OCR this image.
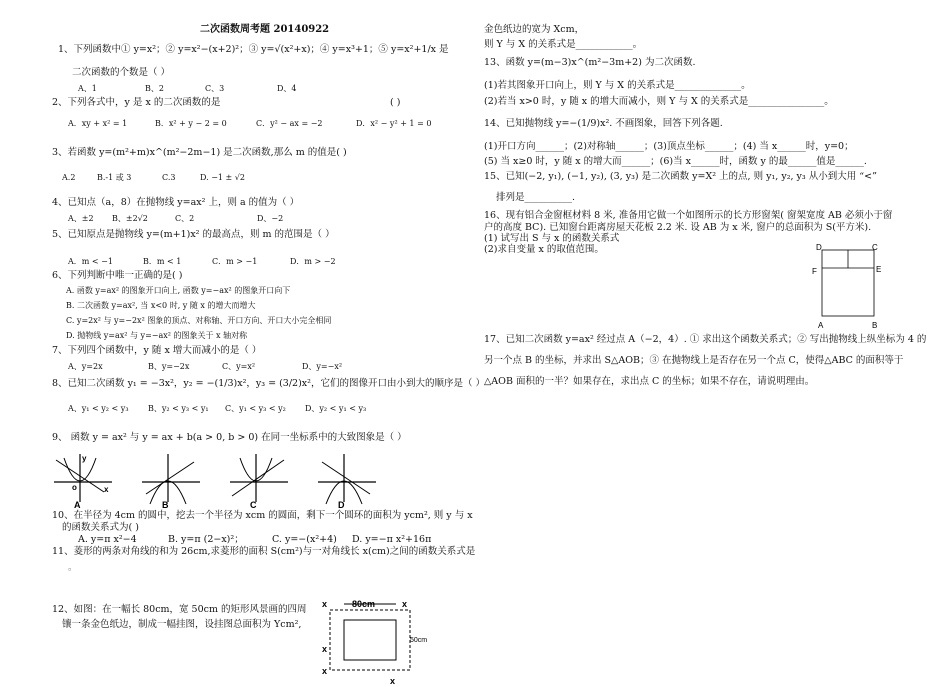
二次函数周考题 20140922
1、下列函数中① y=x²；② y=x²−(x+2)²；③ y=√(x²+x)；④ y=x³+1；⑤ y=x²+1/x 是
二次函数的个数是（ ）
A、1	B、2	C、3	D、4
2、下列各式中，y 是 x 的二次函数的是	( )
A．xy + x² = 1	B．x² + y − 2 = 0	C．y² − ax = −2	D．x² − y² + 1 = 0
3、若函数 y=(m²+m)x^(m²−2m−1) 是二次函数,那么 m 的值是( )
A.2	B.-1 或 3	C.3	D. −1 ± √2
4、已知点（a，8）在抛物线 y=ax² 上，则 a 的值为（ ）
A、±2 B、±2√2	C、2	D、−2
5、已知原点是抛物线 y=(m+1)x² 的最高点，则 m 的范围是（ ）
A．m < −1	B．m < 1	C．m > −1	D．m > −2
6、下列判断中唯一正确的是( )
A. 函数 y=ax² 的图象开口向上, 函数 y=−ax² 的图象开口向下
B. 二次函数 y=ax², 当 x<0 时, y 随 x 的增大而增大
C. y=2x² 与 y=−2x² 图象的顶点、对称轴、开口方向、开口大小完全相同
D. 抛物线 y=ax² 与 y=−ax² 的图象关于 x 轴对称
7、下列四个函数中，y 随 x 增大而减小的是（ ）
A、y=2x	B、y=−2x	C、y=x²	D、y=−x²
8、已知二次函数 y₁ = −3x²，y₂ = −(1/3)x²，y₃ = (3/2)x²，它们的图像开口由小到大的顺序是（ ）
A、y₁ < y₂ < y₃ B、y₂ < y₃ < y₁ C、y₁ < y₃ < y₂ D、y₂ < y₁ < y₃
9、 函数 y = ax² 与 y = ax + b(a > 0, b > 0) 在同一坐标系中的大致图象是（ ）
o	x
y
A	B	C	D
10、在半径为 4cm 的圆中，挖去一个半径为 xcm 的圆面，剩下一个圆环的面积为 ycm², 则 y 与 x
的函数关系式为( )
A. y=π x²−4	B. y=π (2−x)²；	C. y=−(x²+4) D. y=−π x²+16π
11、菱形的两条对角线的和为 26cm,求菱形的面积 S(cm²)与一对角线长 x(cm)之间的函数关系式是
。
12、如图：在一幅长 80cm，宽 50cm 的矩形风景画的四周
镶一条金色纸边，制成一幅挂图，设挂图总面积为 Ycm²,
80cm
x	x
50cm
x
x
x
金色纸边的宽为 Xcm，
则 Y 与 X 的关系式是____________。
13、函数 y=(m−3)x^(m²−3m+2) 为二次函数.
(1)若其图象开口向上，则 Y 与 X 的关系式是______________。
(2)若当 x>0 时，y 随 x 的增大而减小，则 Y 与 X 的关系式是________________。
14、已知抛物线 y=−(1/9)x². 不画图象，回答下列各题.
(1)开口方向______；(2)对称轴______；(3)顶点坐标______；(4) 当 x______时，y=0；
(5) 当 x≥0 时，y 随 x 的增大而______；(6)当 x______时，函数 y 的最______值是______.
15、已知(−2, y₁), (−1, y₂), (3, y₃) 是二次函数 y=X² 上的点, 则 y₁, y₂, y₃ 从小到大用 “<”
排列是__________.
16、现有铝合金窗框材料 8 米, 准备用它做一个如图所示的长方形窗架( 窗架宽度 AB 必须小于窗
户的高度 BC). 已知窗台距离房屋天花板 2.2 米. 设 AB 为 x 米, 窗户的总面积为 S(平方米).
(1) 试写出 S 与 x 的函数关系式
(2)求自变量 x 的取值范围。	D	C
F	E
A	B
17、已知二次函数 y=ax² 经过点 A（−2，4）. ① 求出这个函数关系式；② 写出抛物线上纵坐标为 4 的
另一个点 B 的坐标，并求出 S△AOB；③ 在抛物线上是否存在另一个点 C，使得△ABC 的面积等于
△AOB 面积的一半？如果存在，求出点 C 的坐标；如果不存在，请说明理由。
